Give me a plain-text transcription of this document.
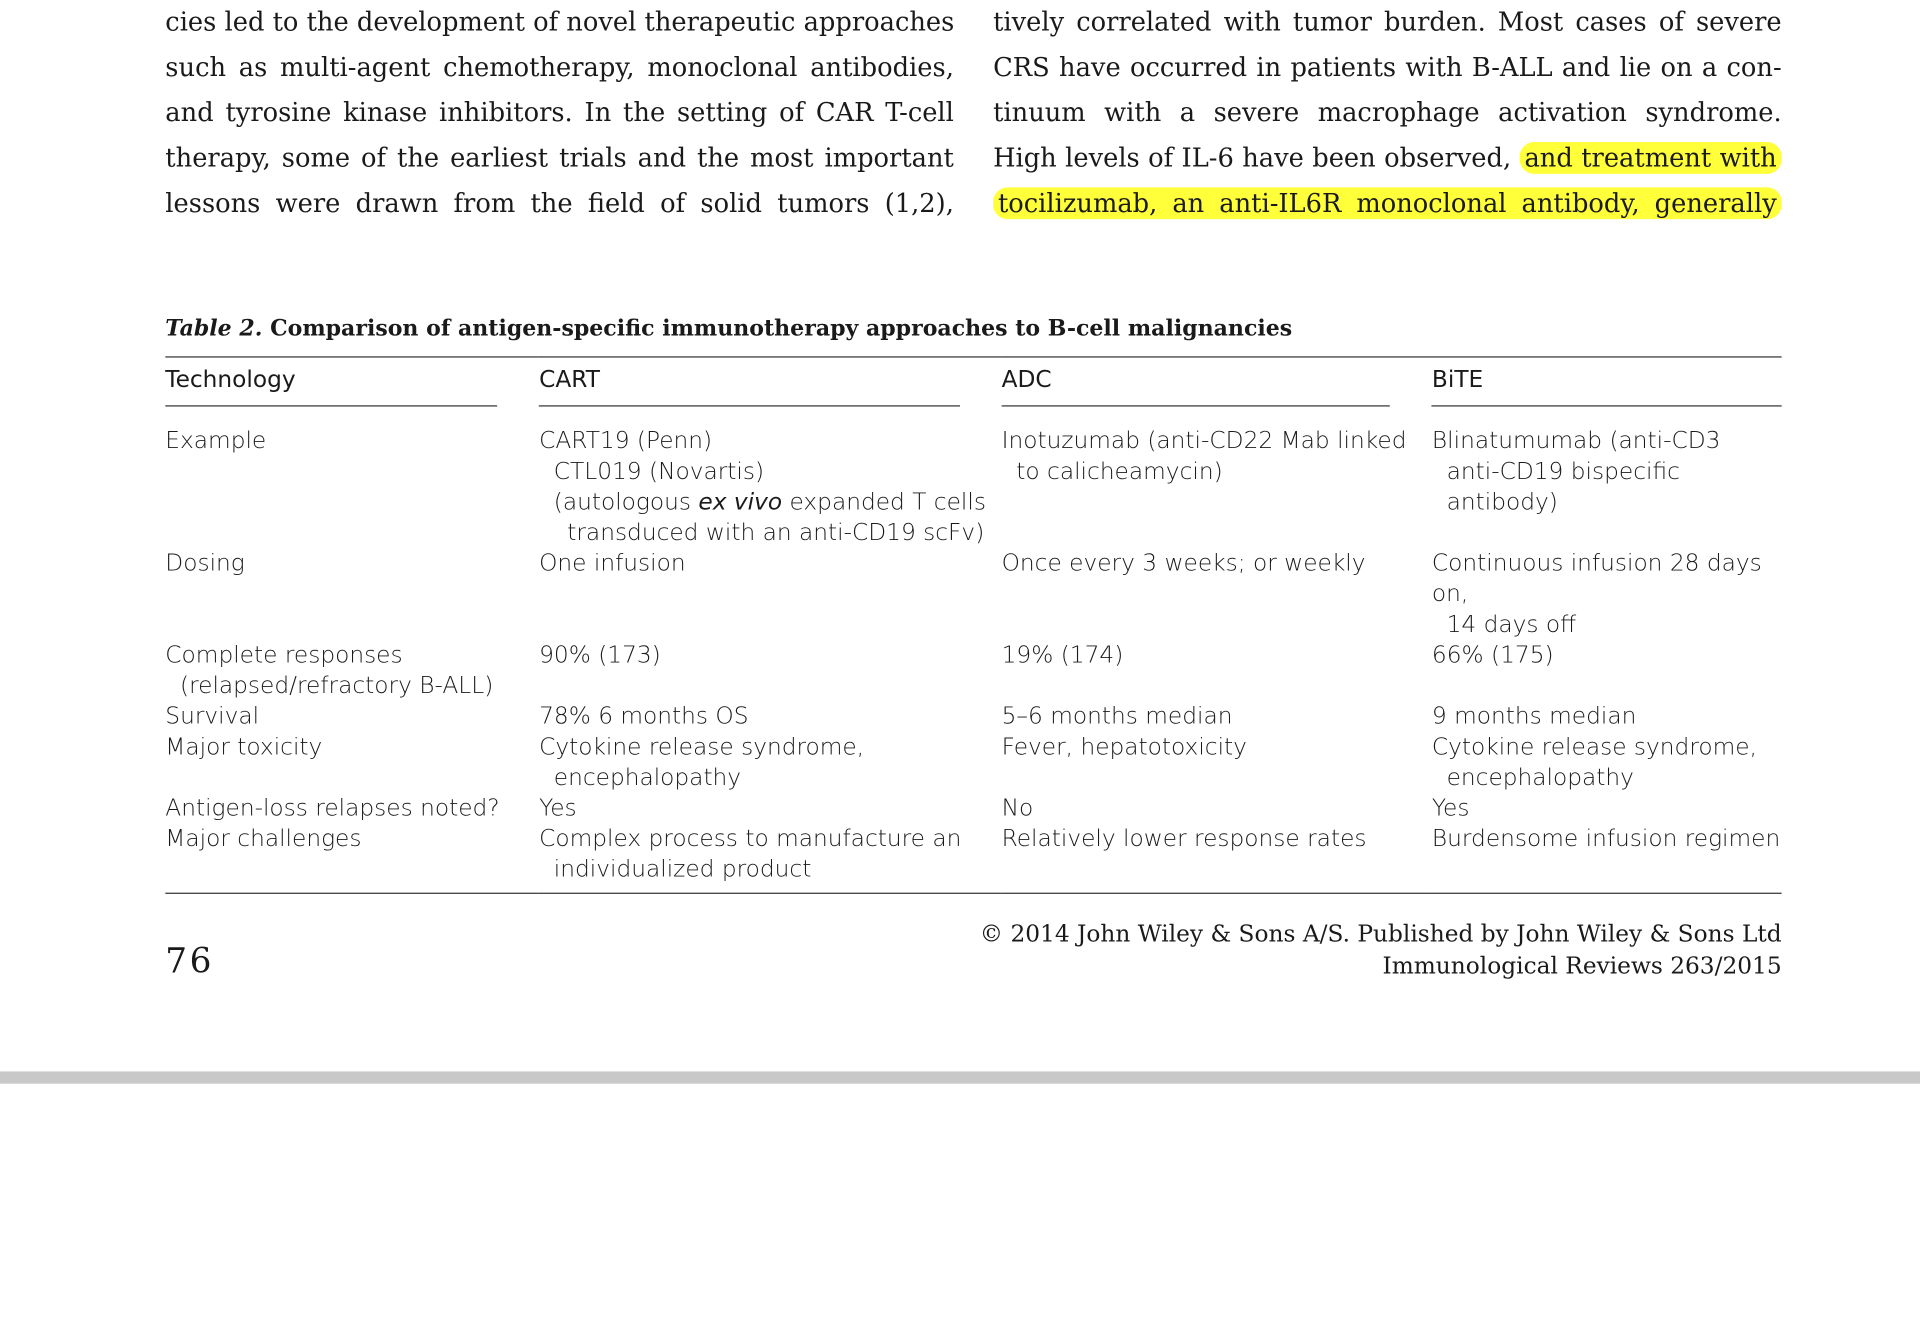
cies led to the development of novel therapeutic approaches
such as multi-agent chemotherapy, monoclonal antibodies,
and tyrosine kinase inhibitors. In the setting of CAR T-cell
therapy, some of the earliest trials and the most important
lessons were drawn from the field of solid tumors (1,2),
tively correlated with tumor burden. Most cases of severe
CRS have occurred in patients with B-ALL and lie on a con-
tinuum with a severe macrophage activation syndrome.
High levels of IL-6 have been observed, and treatment with
tocilizumab, an anti-IL6R monoclonal antibody, generally
Table 2. Comparison of antigen-specific immunotherapy approaches to B-cell malignancies
Technology	CART	ADC	BiTE

Example	CART19 (Penn)
CTL019 (Novartis)
(autologous ex vivo expanded T cells
transduced with an anti-CD19 scFv)	Inotuzumab (anti-CD22 Mab linked
to calicheamycin)	Blinatumumab (anti-CD3
anti-CD19 bispecific antibody)

Dosing	One infusion	Once every 3 weeks; or weekly	Continuous infusion 28 days on,
14 days off

Complete responses
(relapsed/refractory B-ALL)	90% (173)	19% (174)	66% (175)

Survival	78% 6 months OS	5–6 months median	9 months median

Major toxicity	Cytokine release syndrome,
encephalopathy	Fever, hepatotoxicity	Cytokine release syndrome,
encephalopathy

Antigen-loss relapses noted?	Yes	No	Yes

Major challenges	Complex process to manufacture an
individualized product	Relatively lower response rates	Burdensome infusion regimen
76
© 2014 John Wiley & Sons A/S. Published by John Wiley & Sons Ltd
Immunological Reviews 263/2015
